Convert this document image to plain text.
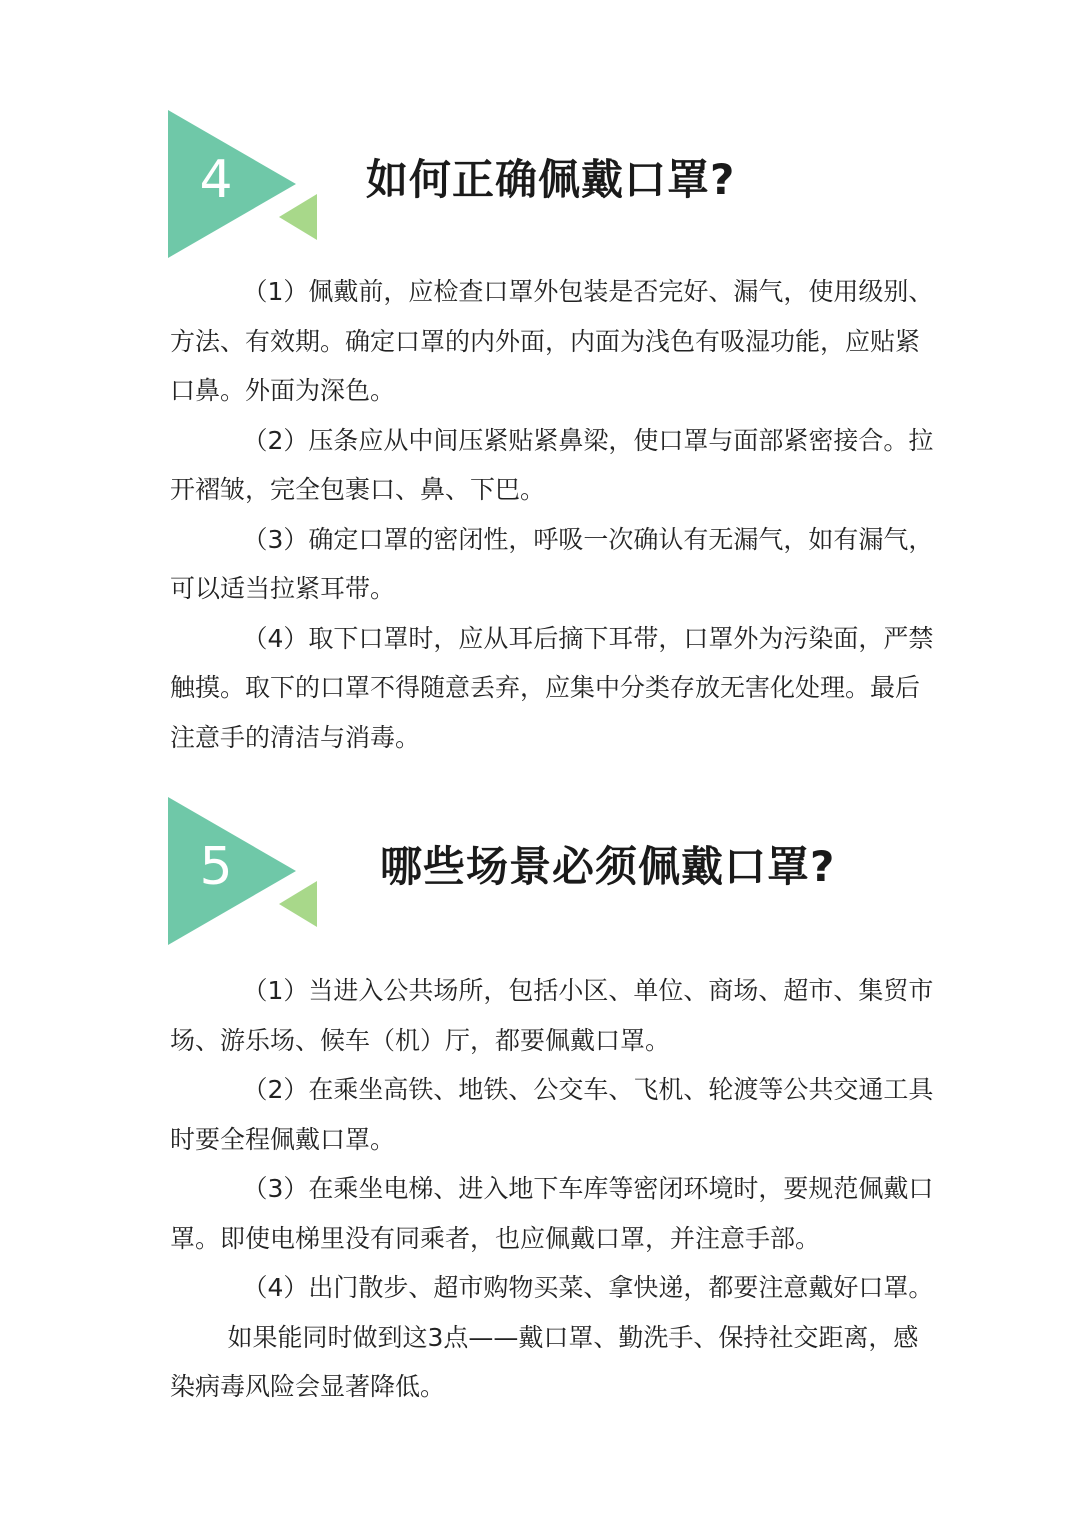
4	如何正确佩戴口罩?

（1）佩戴前，应检查口罩外包装是否完好、漏气，使用级别、方法、有效期。确定口罩的内外面，内面为浅色有吸湿功能，应贴紧口鼻。外面为深色。

（2）压条应从中间压紧贴紧鼻梁，使口罩与面部紧密接合。拉开褶皱，完全包裹口、鼻、下巴。

（3）确定口罩的密闭性，呼吸一次确认有无漏气，如有漏气，可以适当拉紧耳带。

（4）取下口罩时，应从耳后摘下耳带，口罩外为污染面，严禁触摸。取下的口罩不得随意丢弃，应集中分类存放无害化处理。最后注意手的清洁与消毒。

5	哪些场景必须佩戴口罩?

（1）当进入公共场所，包括小区、单位、商场、超市、集贸市场、游乐场、候车（机）厅，都要佩戴口罩。

（2）在乘坐高铁、地铁、公交车、飞机、轮渡等公共交通工具时要全程佩戴口罩。

（3）在乘坐电梯、进入地下车库等密闭环境时，要规范佩戴口罩。即使电梯里没有同乘者，也应佩戴口罩，并注意手部。

（4）出门散步、超市购物买菜、拿快递，都要注意戴好口罩。

如果能同时做到这3点——戴口罩、勤洗手、保持社交距离，感染病毒风险会显著降低。
